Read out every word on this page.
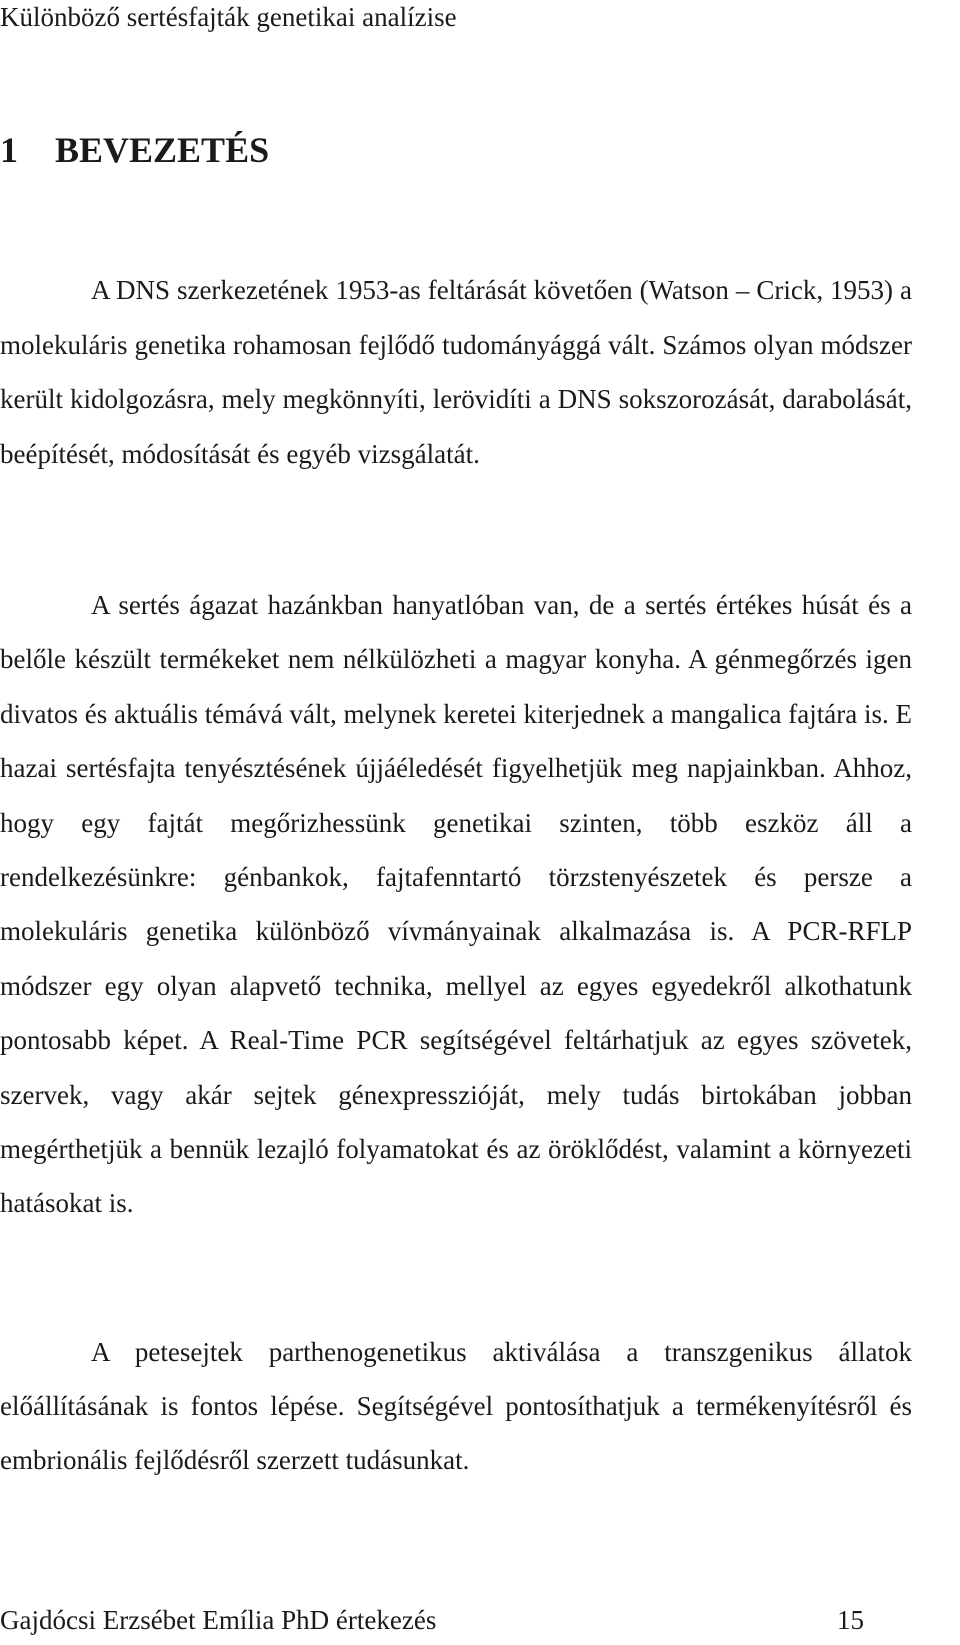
Különböző sertésfajták genetikai analízise
1 BEVEZETÉS

A DNS szerkezetének 1953-as feltárását követően (Watson – Crick, 1953) a molekuláris genetika rohamosan fejlődő tudományággá vált. Számos olyan módszer került kidolgozásra, mely megkönnyíti, lerövidíti a DNS sokszorozását, darabolását, beépítését, módosítását és egyéb vizsgálatát.

A sertés ágazat hazánkban hanyatlóban van, de a sertés értékes húsát és a belőle készült termékeket nem nélkülözheti a magyar konyha. A génmegőrzés igen divatos és aktuális témává vált, melynek keretei kiterjednek a mangalica fajtára is. E hazai sertésfajta tenyésztésének újjáéledését figyelhetjük meg napjainkban. Ahhoz, hogy egy fajtát megőrizhessünk genetikai szinten, több eszköz áll a rendelkezésünkre: génbankok, fajtafenntartó törzstenyészetek és persze a molekuláris genetika különböző vívmányainak alkalmazása is. A PCR-RFLP módszer egy olyan alapvető technika, mellyel az egyes egyedekről alkothatunk pontosabb képet. A Real-Time PCR segítségével feltárhatjuk az egyes szövetek, szervek, vagy akár sejtek génexpresszióját, mely tudás birtokában jobban megérthetjük a bennük lezajló folyamatokat és az öröklődést, valamint a környezeti hatásokat is.

A petesejtek parthenogenetikus aktiválása a transzgenikus állatok előállításának is fontos lépése. Segítségével pontosíthatjuk a termékenyítésről és embrionális fejlődésről szerzett tudásunkat.

Gajdócsi Erzsébet Emília PhD értekezés	15
